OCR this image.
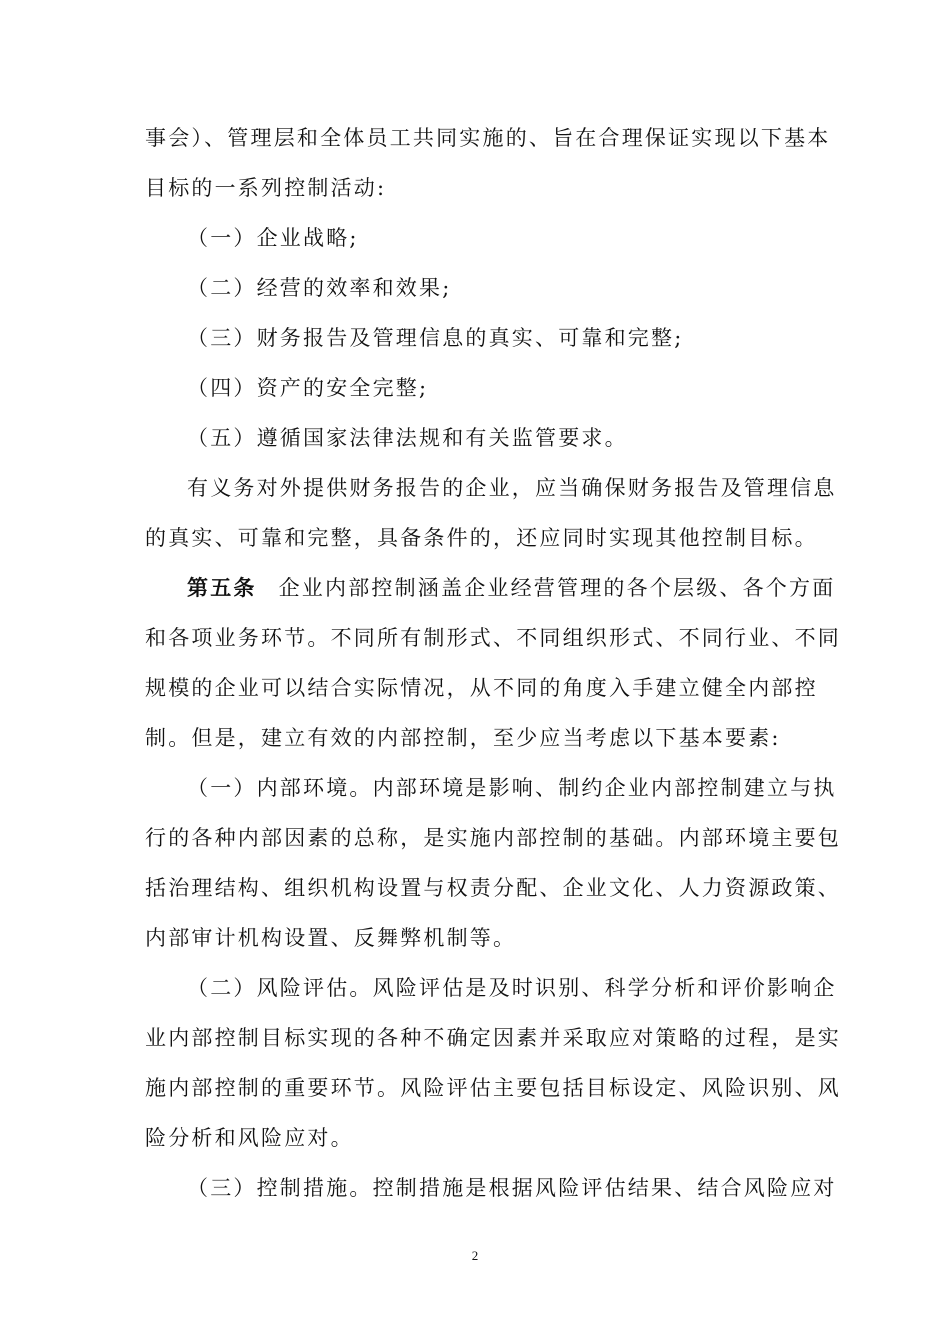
事会）、管理层和全体员工共同实施的、旨在合理保证实现以下基本
目标的一系列控制活动:
（一）企业战略;
（二）经营的效率和效果;
（三）财务报告及管理信息的真实、可靠和完整;
（四）资产的安全完整;
（五）遵循国家法律法规和有关监管要求。
有义务对外提供财务报告的企业，应当确保财务报告及管理信息
的真实、可靠和完整，具备条件的，还应同时实现其他控制目标。
第五条 企业内部控制涵盖企业经营管理的各个层级、各个方面
和各项业务环节。不同所有制形式、不同组织形式、不同行业、不同
规模的企业可以结合实际情况，从不同的角度入手建立健全内部控
制。但是，建立有效的内部控制，至少应当考虑以下基本要素:
（一）内部环境。内部环境是影响、制约企业内部控制建立与执
行的各种内部因素的总称，是实施内部控制的基础。内部环境主要包
括治理结构、组织机构设置与权责分配、企业文化、人力资源政策、
内部审计机构设置、反舞弊机制等。
（二）风险评估。风险评估是及时识别、科学分析和评价影响企
业内部控制目标实现的各种不确定因素并采取应对策略的过程，是实
施内部控制的重要环节。风险评估主要包括目标设定、风险识别、风
险分析和风险应对。
（三）控制措施。控制措施是根据风险评估结果、结合风险应对
2
